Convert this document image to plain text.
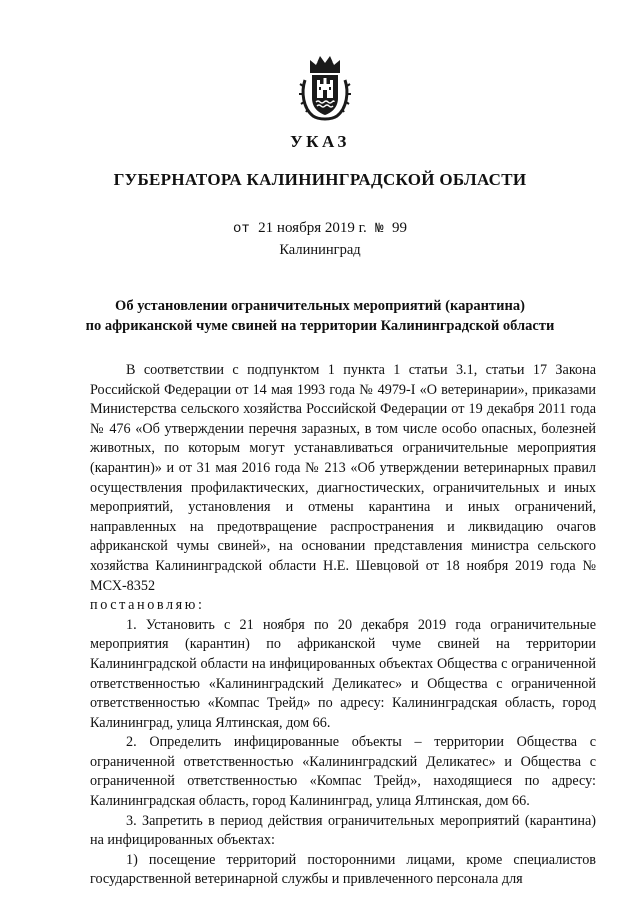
УКАЗ
ГУБЕРНАТОРА КАЛИНИНГРАДСКОЙ ОБЛАСТИ
от 21 ноября 2019 г. № 99
Калининград
Об установлении ограничительных мероприятий (карантина)
по африканской чуме свиней на территории Калининградской области

В соответствии с подпунктом 1 пункта 1 статьи 3.1, статьи 17 Закона Российской Федерации от 14 мая 1993 года № 4979-I «О ветеринарии», приказами Министерства сельского хозяйства Российской Федерации от 19 декабря 2011 года № 476 «Об утверждении перечня заразных, в том числе особо опасных, болезней животных, по которым могут устанавливаться ограничительные мероприятия (карантин)» и от 31 мая 2016 года № 213 «Об утверждении ветеринарных правил осуществления профилактических, диагностических, ограничительных и иных мероприятий, установления и отмены карантина и иных ограничений, направленных на предотвращение распространения и ликвидацию очагов африканской чумы свиней», на основании представления министра сельского хозяйства Калининградской области Н.Е. Шевцовой от 18 ноября 2019 года № МСХ-8352

постановляю:

1. Установить с 21 ноября по 20 декабря 2019 года ограничительные мероприятия (карантин) по африканской чуме свиней на территории Калининградской области на инфицированных объектах Общества с ограниченной ответственностью «Калининградский Деликатес» и Общества с ограниченной ответственностью «Компас Трейд» по адресу: Калининградская область, город Калининград, улица Ялтинская, дом 66.

2. Определить инфицированные объекты – территории Общества с ограниченной ответственностью «Калининградский Деликатес» и Общества с ограниченной ответственностью «Компас Трейд», находящиеся по адресу: Калининградская область, город Калининград, улица Ялтинская, дом 66.

3. Запретить в период действия ограничительных мероприятий (карантина) на инфицированных объектах:

1) посещение территорий посторонними лицами, кроме специалистов государственной ветеринарной службы и привлеченного персонала для
